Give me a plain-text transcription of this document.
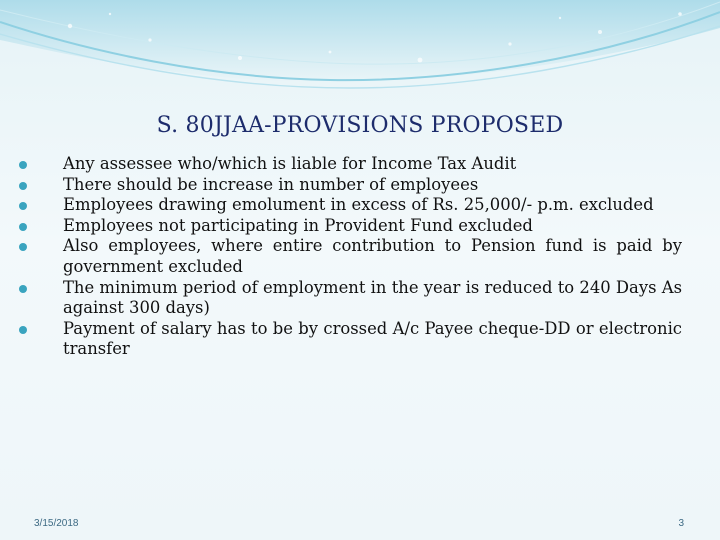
S. 80JJAA-PROVISIONS PROPOSED
Any assessee who/which is liable for Income Tax Audit
There should be increase in number of employees
Employees drawing emolument in excess of Rs. 25,000/- p.m. excluded
Employees not participating in Provident Fund excluded
Also employees, where entire contribution to Pension fund is paid by government excluded
The minimum period of employment in the year is reduced to 240 Days As against 300 days)
Payment of salary has to be by crossed A/c Payee cheque-DD or electronic transfer
3/15/2018	3
